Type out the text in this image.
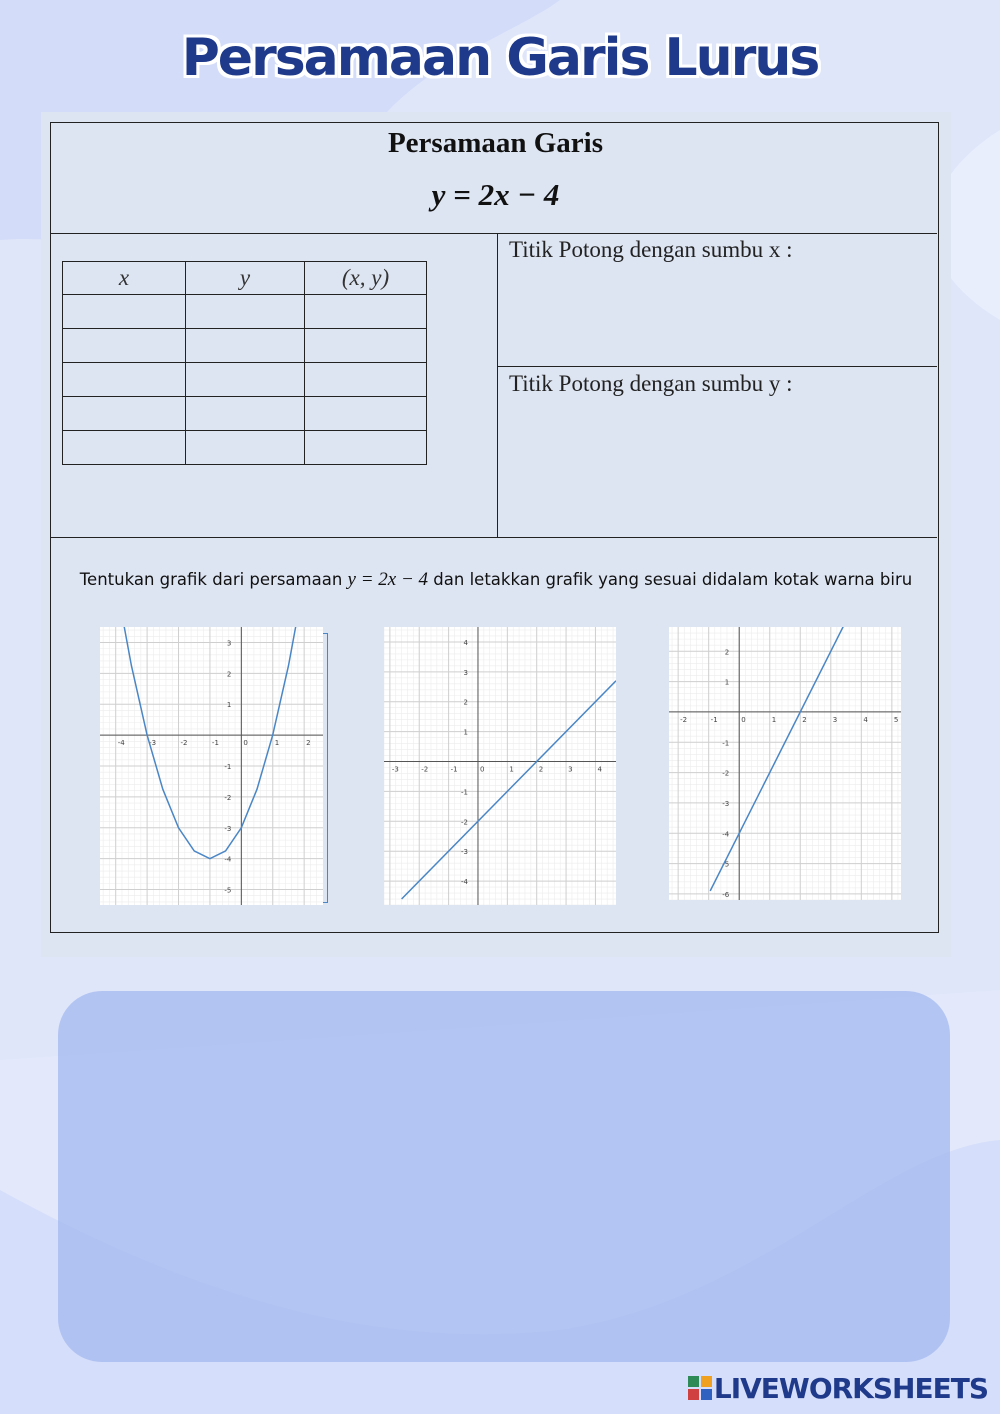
Persamaan Garis Lurus
Persamaan Garis
y = 2x − 4
x	y	(x, y)

Titik Potong dengan sumbu x :
Titik Potong dengan sumbu y :
Tentukan grafik dari persamaan y = 2x − 4 dan letakkan grafik yang sesuai didalam kotak warna biru
-4	-3	-2	-1	0	1	2
-5
-4
-3
-2
-1
1
2
3
-3	-2	-1	0	1	2	3	4
-4
-3
-2
-1
1
2
3
4
-2	-1	0	1	2	3	4	5
-6
-5
-4
-3
-2
-1
1
2
LIVEWORKSHEETS
